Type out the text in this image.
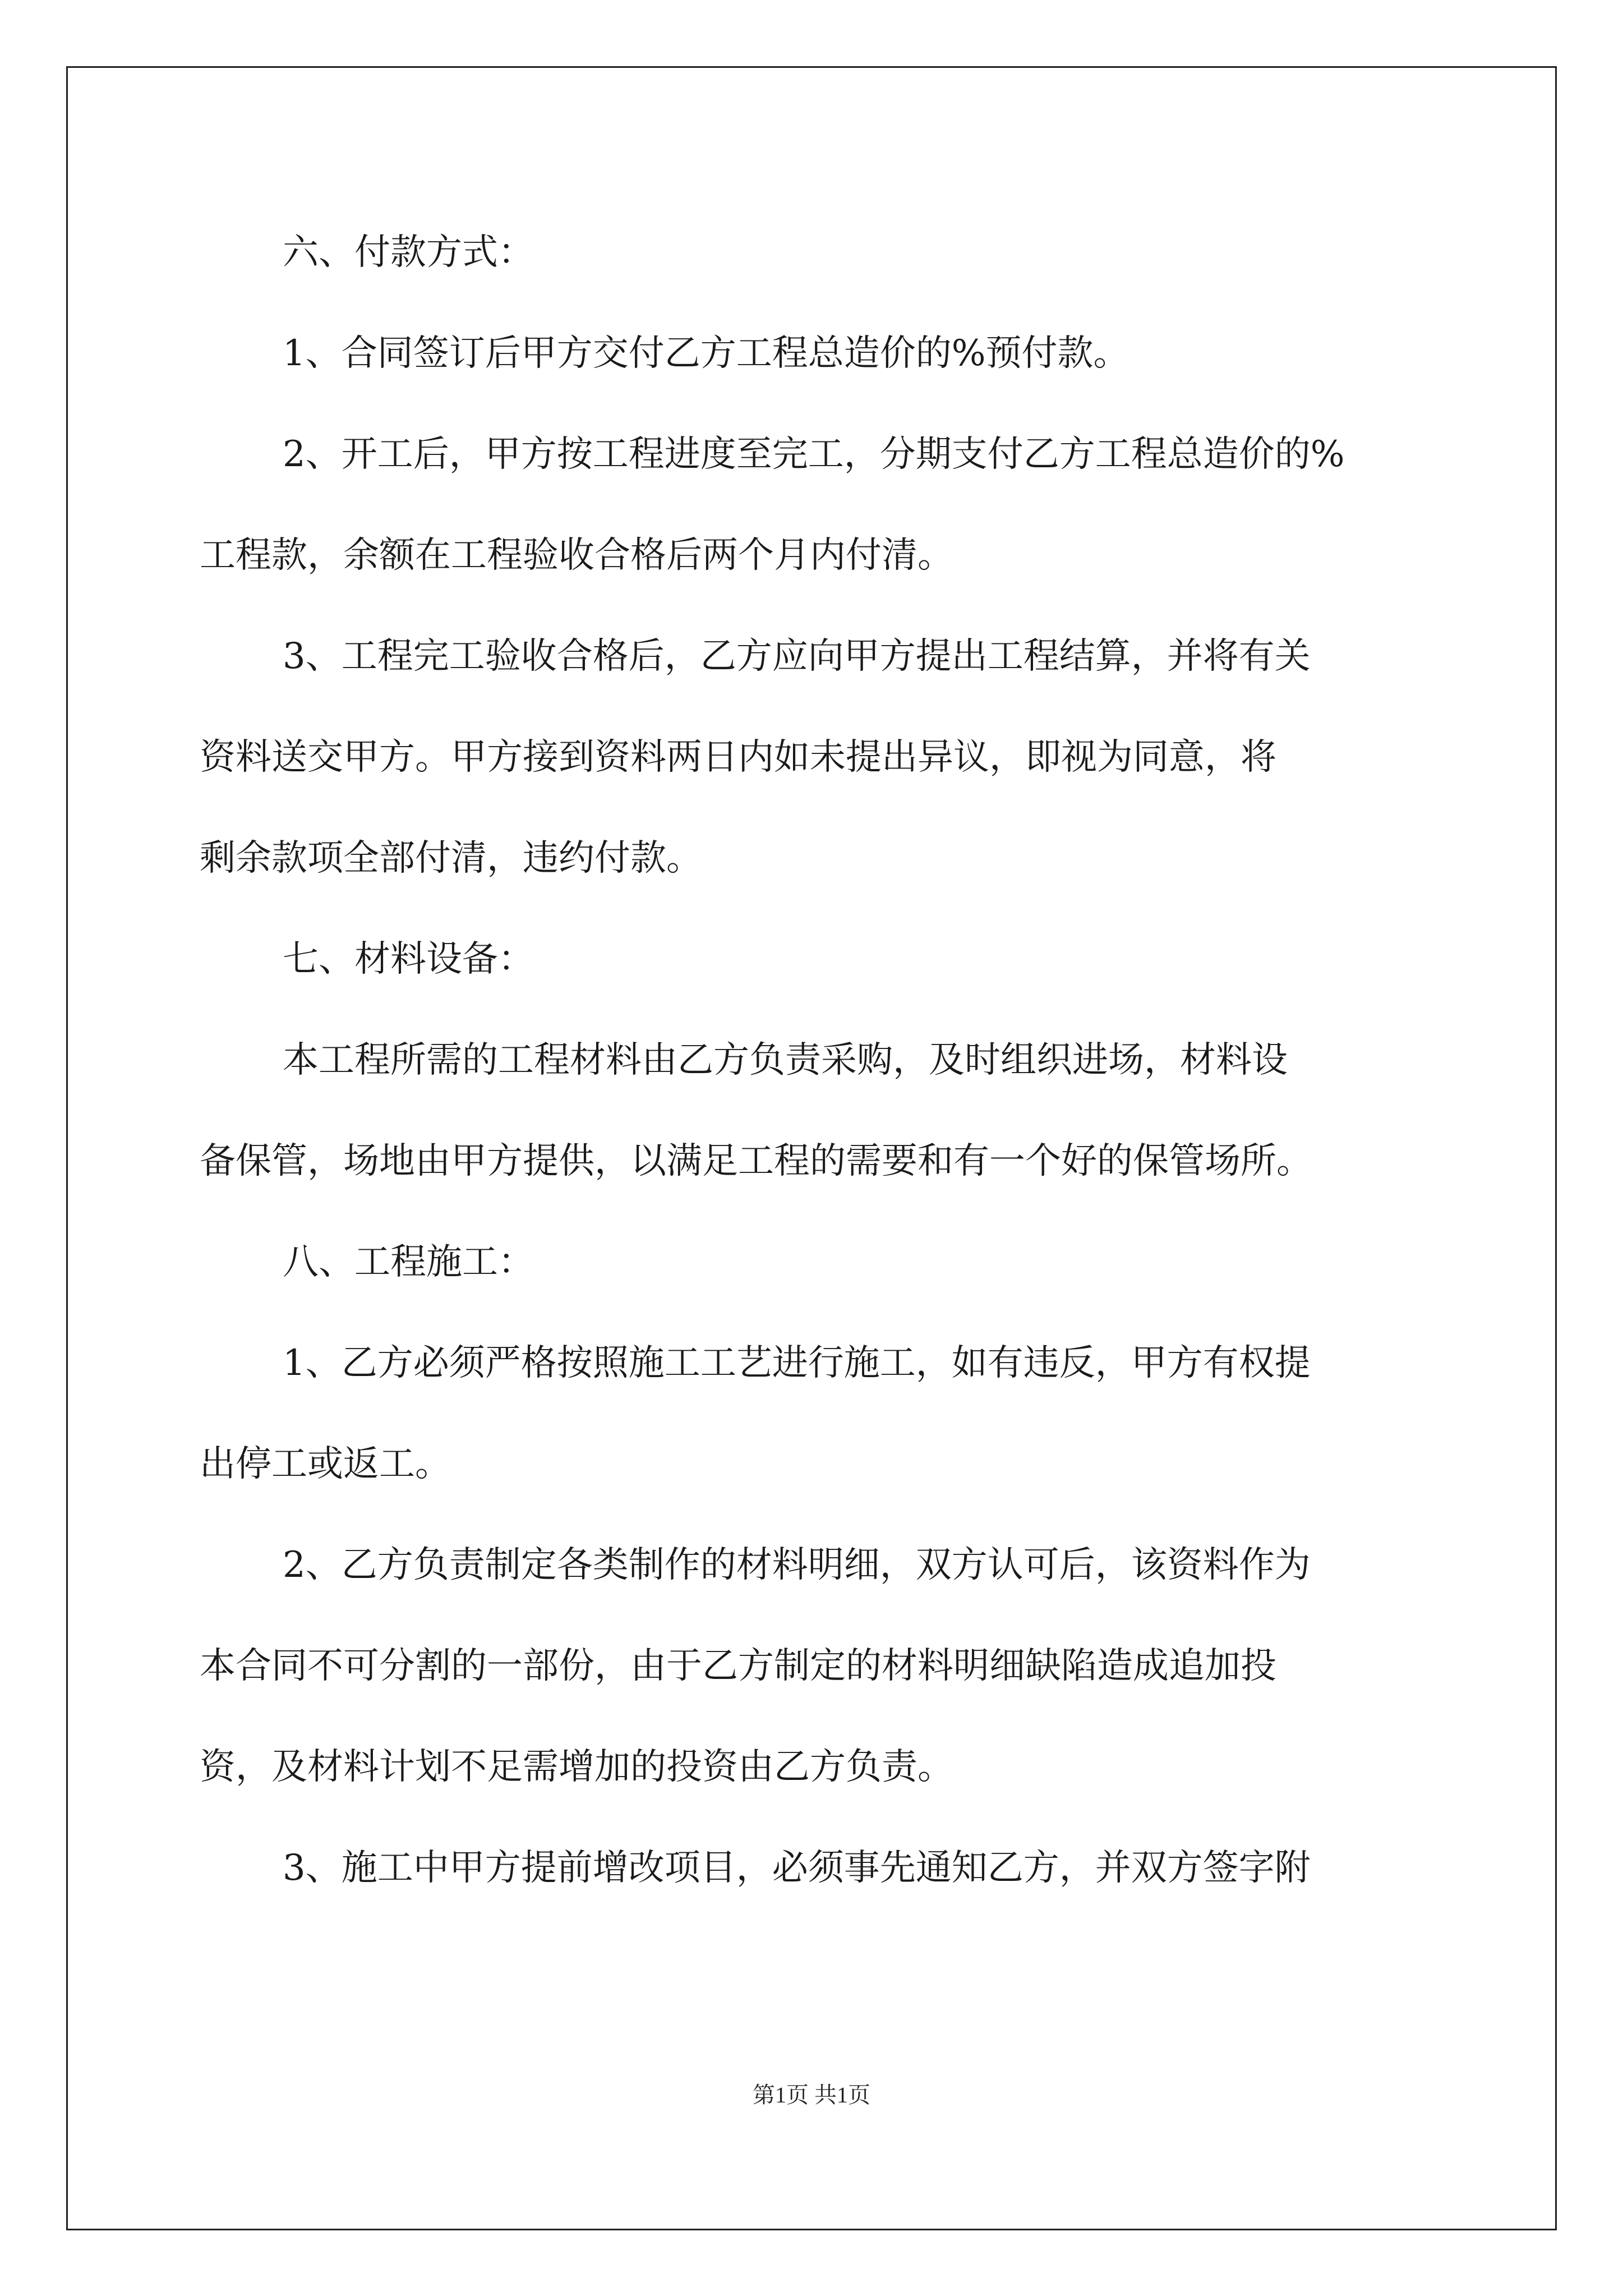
六、付款方式：
1、合同签订后甲方交付乙方工程总造价的%预付款。
2、开工后，甲方按工程进度至完工，分期支付乙方工程总造价的%
工程款，余额在工程验收合格后两个月内付清。
3、工程完工验收合格后，乙方应向甲方提出工程结算，并将有关
资料送交甲方。甲方接到资料两日内如未提出异议，即视为同意，将
剩余款项全部付清，违约付款。
七、材料设备：
本工程所需的工程材料由乙方负责采购，及时组织进场，材料设
备保管，场地由甲方提供，以满足工程的需要和有一个好的保管场所。
八、工程施工：
1、乙方必须严格按照施工工艺进行施工，如有违反，甲方有权提
出停工或返工。
2、乙方负责制定各类制作的材料明细，双方认可后，该资料作为
本合同不可分割的一部份，由于乙方制定的材料明细缺陷造成追加投
资，及材料计划不足需增加的投资由乙方负责。
3、施工中甲方提前增改项目，必须事先通知乙方，并双方签字附
第1页 共1页
